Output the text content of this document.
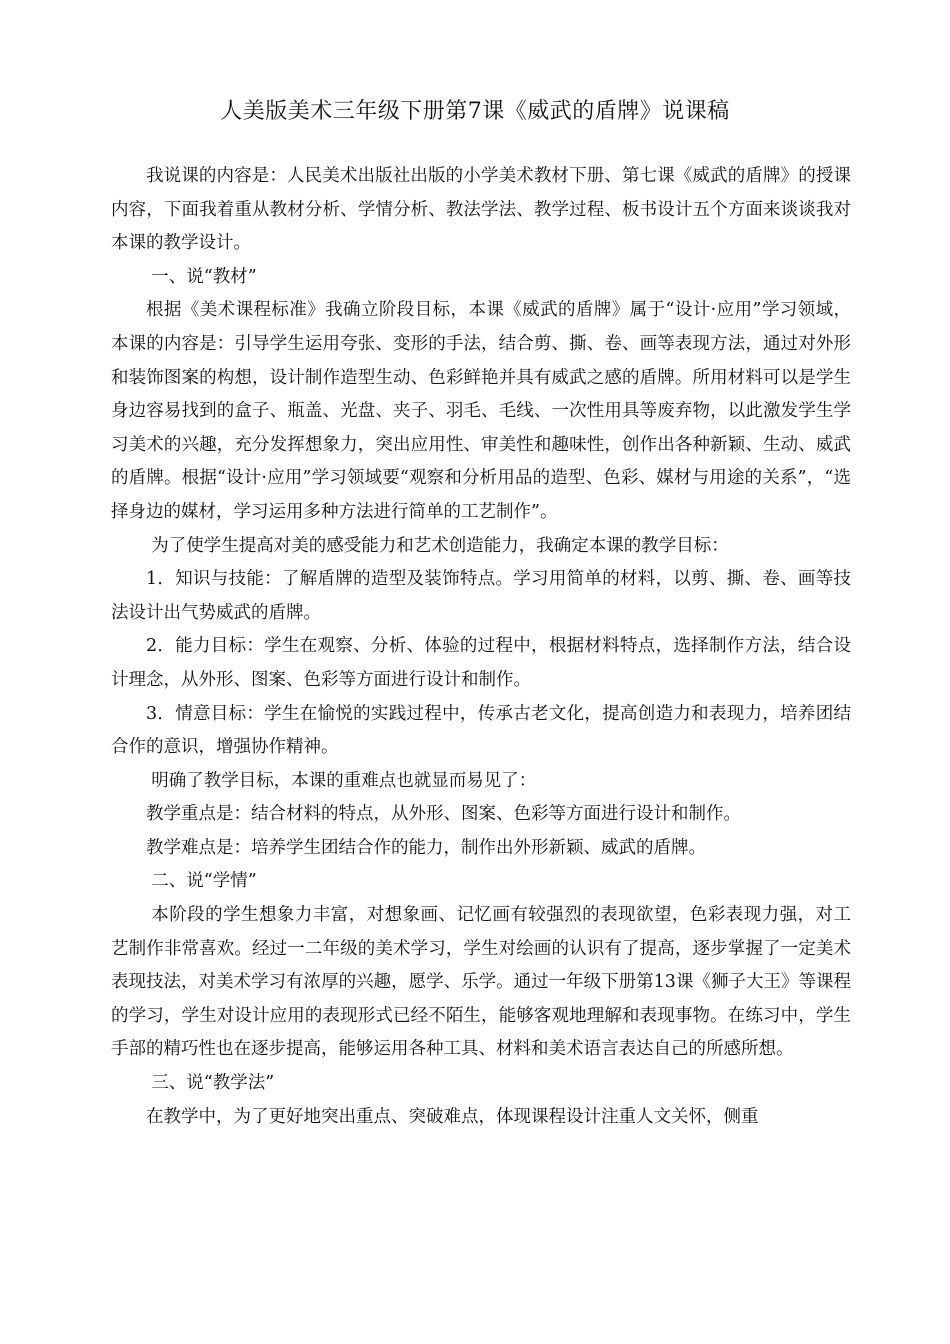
人美版美术三年级下册第7课《威武的盾牌》说课稿

我说课的内容是：人民美术出版社出版的小学美术教材下册、第七课《威武的盾牌》的授课内容，下面我着重从教材分析、学情分析、教法学法、教学过程、板书设计五个方面来谈谈我对本课的教学设计。

一、说“教材”

根据《美术课程标准》我确立阶段目标，本课《威武的盾牌》属于“设计·应用”学习领域，本课的内容是：引导学生运用夸张、变形的手法，结合剪、撕、卷、画等表现方法，通过对外形和装饰图案的构想，设计制作造型生动、色彩鲜艳并具有威武之感的盾牌。所用材料可以是学生身边容易找到的盒子、瓶盖、光盘、夹子、羽毛、毛线、一次性用具等废弃物，以此激发学生学习美术的兴趣，充分发挥想象力，突出应用性、审美性和趣味性，创作出各种新颖、生动、威武的盾牌。根据“设计·应用”学习领域要“观察和分析用品的造型、色彩、媒材与用途的关系”，“选择身边的媒材，学习运用多种方法进行简单的工艺制作”。

为了使学生提高对美的感受能力和艺术创造能力，我确定本课的教学目标：

1．知识与技能：了解盾牌的造型及装饰特点。学习用简单的材料，以剪、撕、卷、画等技法设计出气势威武的盾牌。

2．能力目标：学生在观察、分析、体验的过程中，根据材料特点，选择制作方法，结合设计理念，从外形、图案、色彩等方面进行设计和制作。

3．情意目标：学生在愉悦的实践过程中，传承古老文化，提高创造力和表现力，培养团结合作的意识，增强协作精神。

明确了教学目标，本课的重难点也就显而易见了：

教学重点是：结合材料的特点，从外形、图案、色彩等方面进行设计和制作。

教学难点是：培养学生团结合作的能力，制作出外形新颖、威武的盾牌。

二、说“学情”

本阶段的学生想象力丰富，对想象画、记忆画有较强烈的表现欲望，色彩表现力强，对工艺制作非常喜欢。经过一二年级的美术学习，学生对绘画的认识有了提高，逐步掌握了一定美术表现技法，对美术学习有浓厚的兴趣，愿学、乐学。通过一年级下册第13课《狮子大王》等课程的学习，学生对设计应用的表现形式已经不陌生，能够客观地理解和表现事物。在练习中，学生手部的精巧性也在逐步提高，能够运用各种工具、材料和美术语言表达自己的所感所想。

三、说“教学法”

在教学中，为了更好地突出重点、突破难点，体现课程设计注重人文关怀，侧重
